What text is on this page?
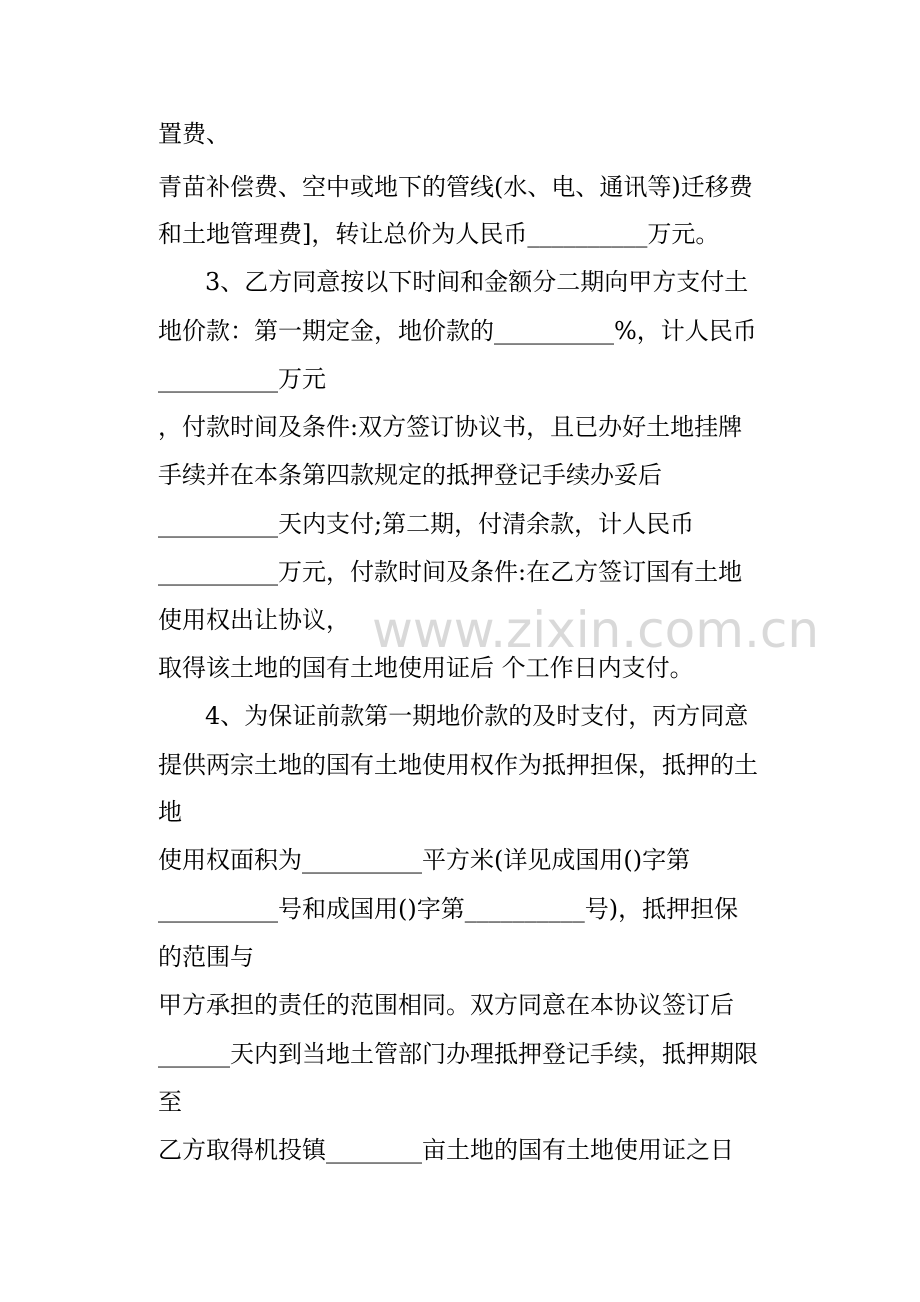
置费、
青苗补偿费、空中或地下的管线(水、电、通讯等)迁移费
和土地管理费]，转让总价为人民币__________万元。
3、乙方同意按以下时间和金额分二期向甲方支付土
地价款：第一期定金，地价款的__________%，计人民币
__________万元
，付款时间及条件:双方签订协议书，且已办好土地挂牌
手续并在本条第四款规定的抵押登记手续办妥后
__________天内支付;第二期，付清余款，计人民币
__________万元，付款时间及条件:在乙方签订国有土地
使用权出让协议，
取得该土地的国有土地使用证后 个工作日内支付。
4、为保证前款第一期地价款的及时支付，丙方同意
提供两宗土地的国有土地使用权作为抵押担保，抵押的土
地
使用权面积为__________平方米(详见成国用()字第
__________号和成国用()字第__________号)，抵押担保
的范围与
甲方承担的责任的范围相同。双方同意在本协议签订后
______天内到当地土管部门办理抵押登记手续，抵押期限
至
乙方取得机投镇________亩土地的国有土地使用证之日
www.zixin.com.cn
